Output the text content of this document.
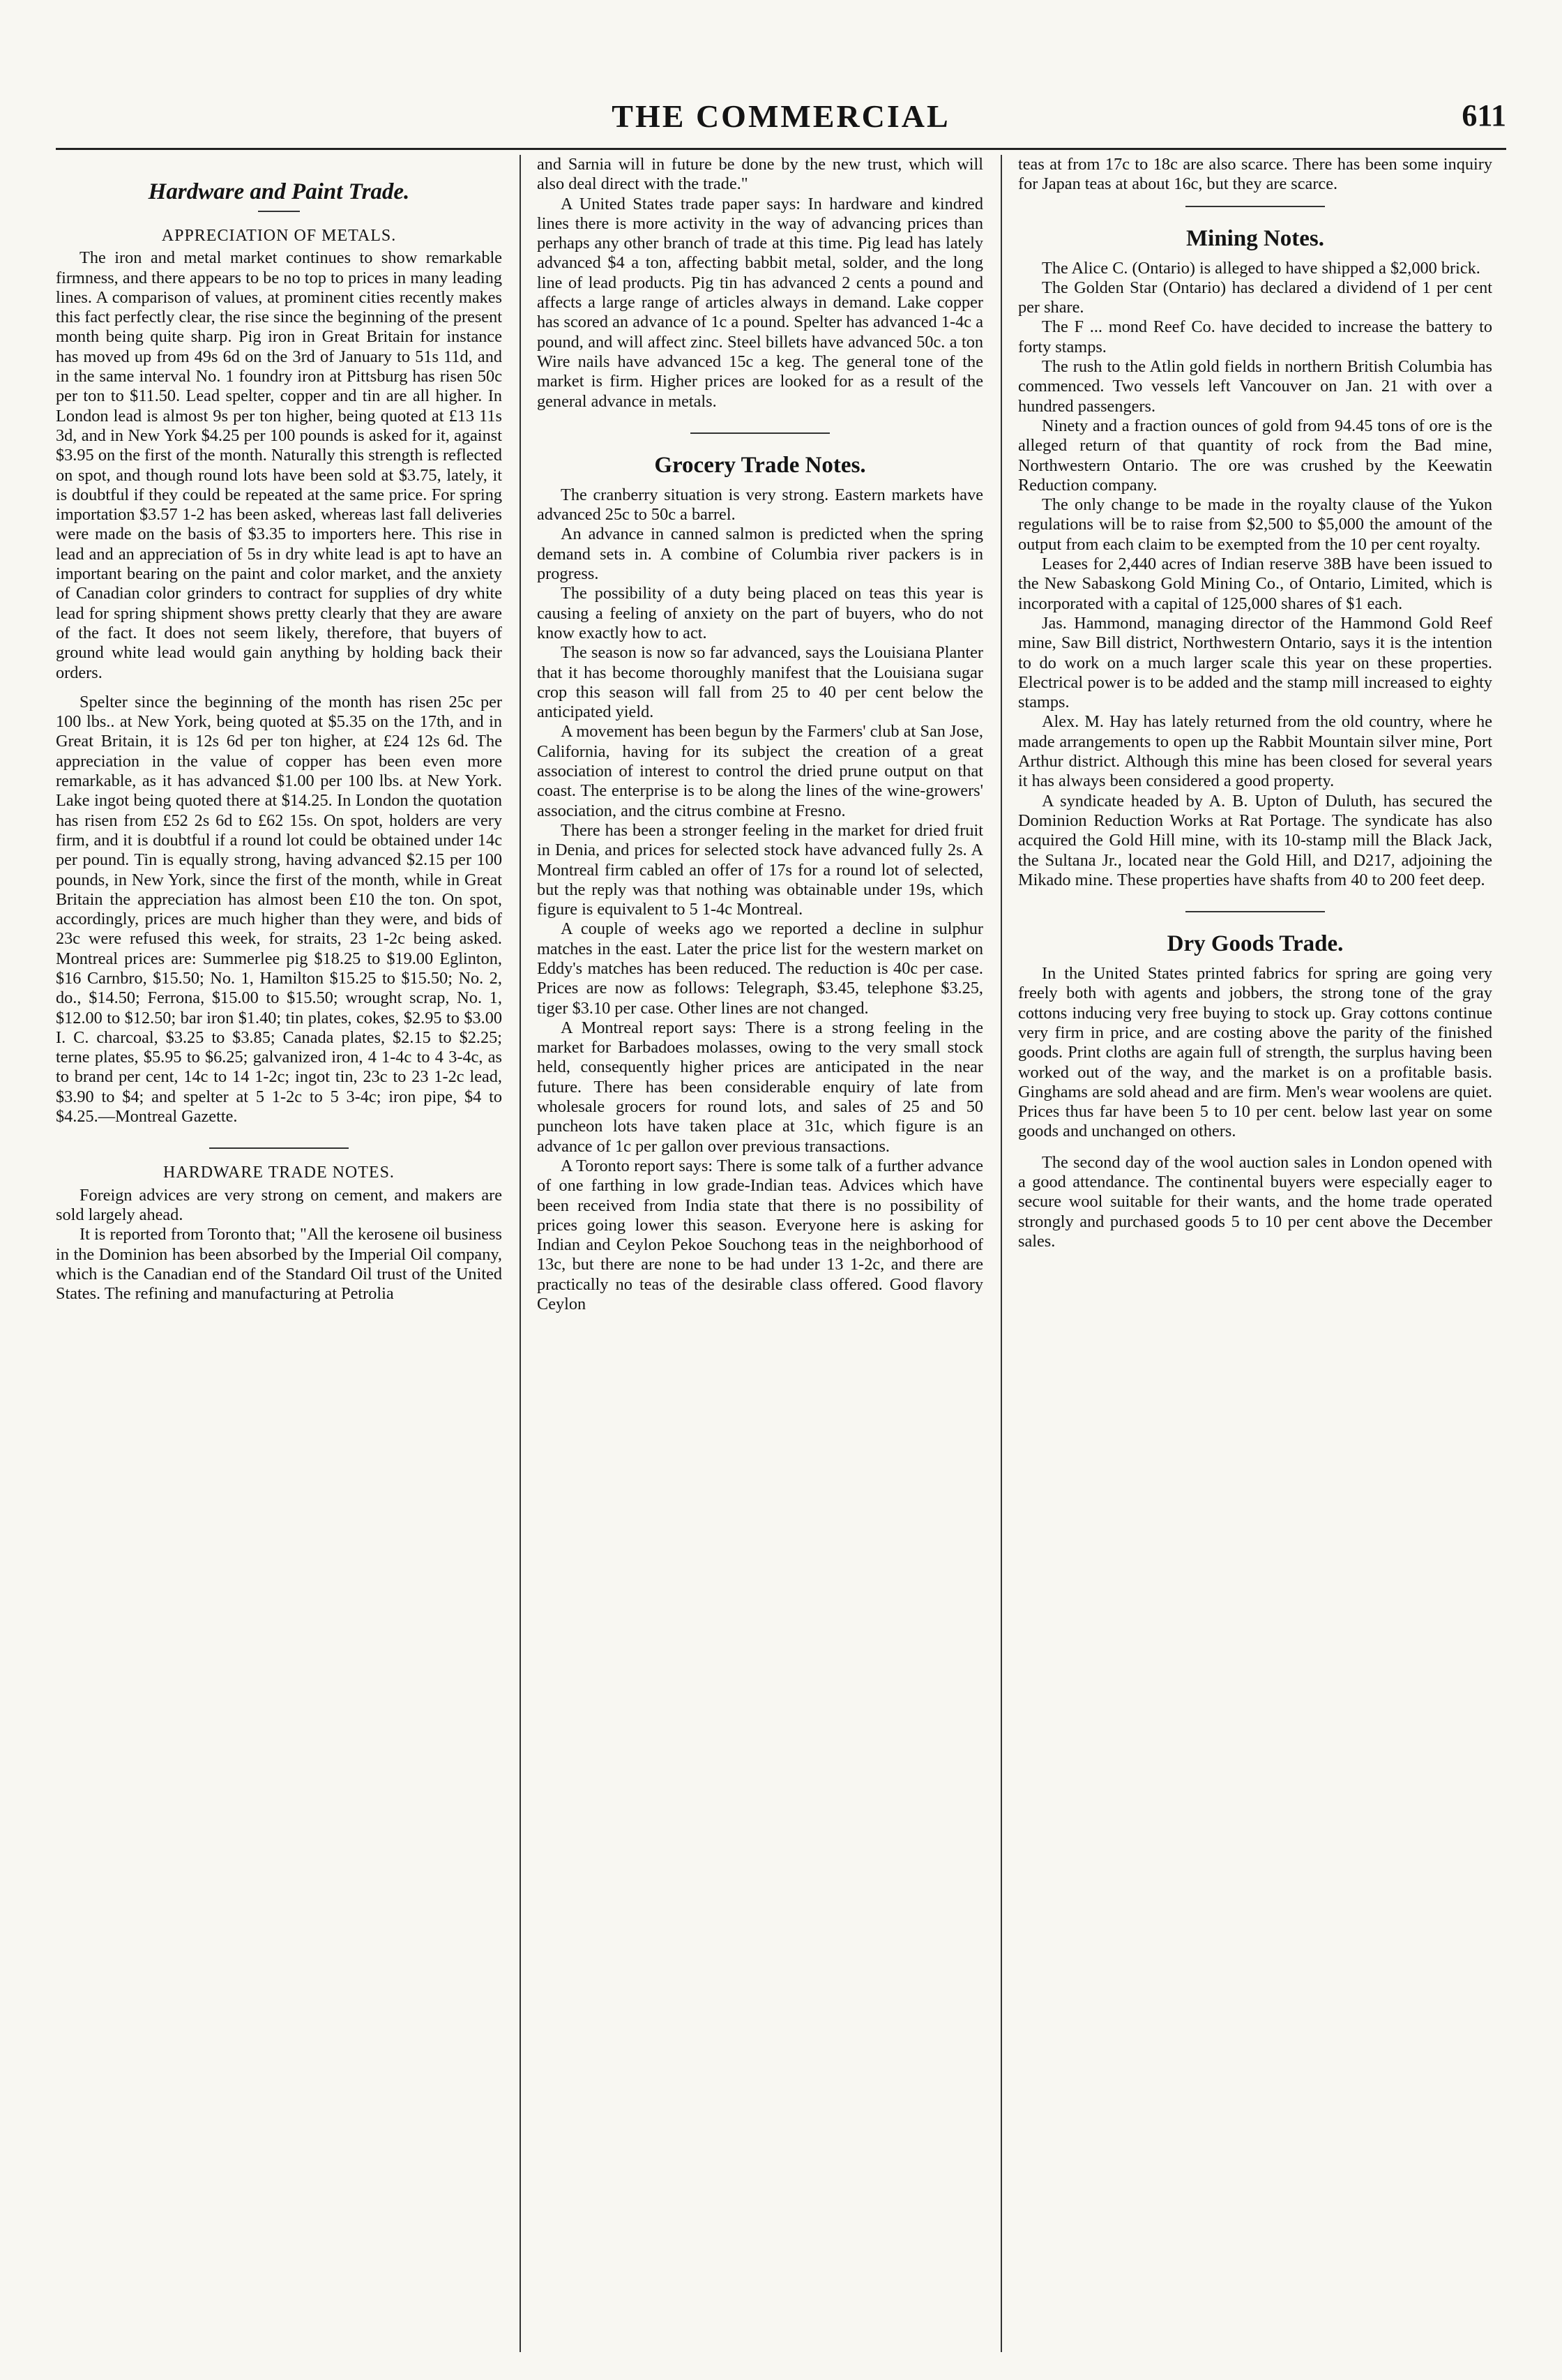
THE COMMERCIAL	611
Hardware and Paint Trade.
APPRECIATION OF METALS.

The iron and metal market continues to show remarkable firmness, and there appears to be no top to prices in many leading lines. A comparison of values, at prominent cities recently makes this fact perfectly clear, the rise since the beginning of the present month being quite sharp. Pig iron in Great Britain for instance has moved up from 49s 6d on the 3rd of January to 51s 11d, and in the same interval No. 1 foundry iron at Pittsburg has risen 50c per ton to $11.50. Lead spelter, copper and tin are all higher. In London lead is almost 9s per ton higher, being quoted at £13 11s 3d, and in New York $4.25 per 100 pounds is asked for it, against $3.95 on the first of the month. Naturally this strength is reflected on spot, and though round lots have been sold at $3.75, lately, it is doubtful if they could be repeated at the same price. For spring importation $3.57 1-2 has been asked, whereas last fall deliveries were made on the basis of $3.35 to importers here. This rise in lead and an appreciation of 5s in dry white lead is apt to have an important bearing on the paint and color market, and the anxiety of Canadian color grinders to contract for supplies of dry white lead for spring shipment shows pretty clearly that they are aware of the fact. It does not seem likely, therefore, that buyers of ground white lead would gain anything by holding back their orders.

Spelter since the beginning of the month has risen 25c per 100 lbs.. at New York, being quoted at $5.35 on the 17th, and in Great Britain, it is 12s 6d per ton higher, at £24 12s 6d. The appreciation in the value of copper has been even more remarkable, as it has advanced $1.00 per 100 lbs. at New York. Lake ingot being quoted there at $14.25. In London the quotation has risen from £52 2s 6d to £62 15s. On spot, holders are very firm, and it is doubtful if a round lot could be obtained under 14c per pound. Tin is equally strong, having advanced $2.15 per 100 pounds, in New York, since the first of the month, while in Great Britain the appreciation has almost been £10 the ton. On spot, accordingly, prices are much higher than they were, and bids of 23c were refused this week, for straits, 23 1-2c being asked. Montreal prices are: Summerlee pig $18.25 to $19.00 Eglinton, $16 Carnbro, $15.50; No. 1, Hamilton $15.25 to $15.50; No. 2, do., $14.50; Ferrona, $15.00 to $15.50; wrought scrap, No. 1, $12.00 to $12.50; bar iron $1.40; tin plates, cokes, $2.95 to $3.00 I. C. charcoal, $3.25 to $3.85; Canada plates, $2.15 to $2.25; terne plates, $5.95 to $6.25; galvanized iron, 4 1-4c to 4 3-4c, as to brand per cent, 14c to 14 1-2c; ingot tin, 23c to 23 1-2c lead, $3.90 to $4; and spelter at 5 1-2c to 5 3-4c; iron pipe, $4 to $4.25.—Montreal Gazette.

HARDWARE TRADE NOTES.

Foreign advices are very strong on cement, and makers are sold largely ahead.

It is reported from Toronto that; "All the kerosene oil business in the Dominion has been absorbed by the Imperial Oil company, which is the Canadian end of the Standard Oil trust of the United States. The refining and manufacturing at Petrolia

and Sarnia will in future be done by the new trust, which will also deal direct with the trade."

A United States trade paper says: In hardware and kindred lines there is more activity in the way of advancing prices than perhaps any other branch of trade at this time. Pig lead has lately advanced $4 a ton, affecting babbit metal, solder, and the long line of lead products. Pig tin has advanced 2 cents a pound and affects a large range of articles always in demand. Lake copper has scored an advance of 1c a pound. Spelter has advanced 1-4c a pound, and will affect zinc. Steel billets have advanced 50c. a ton Wire nails have advanced 15c a keg. The general tone of the market is firm. Higher prices are looked for as a result of the general advance in metals.

Grocery Trade Notes.

The cranberry situation is very strong. Eastern markets have advanced 25c to 50c a barrel.

An advance in canned salmon is predicted when the spring demand sets in. A combine of Columbia river packers is in progress.

The possibility of a duty being placed on teas this year is causing a feeling of anxiety on the part of buyers, who do not know exactly how to act.

The season is now so far advanced, says the Louisiana Planter that it has become thoroughly manifest that the Louisiana sugar crop this season will fall from 25 to 40 per cent below the anticipated yield.

A movement has been begun by the Farmers' club at San Jose, California, having for its subject the creation of a great association of interest to control the dried prune output on that coast. The enterprise is to be along the lines of the wine-growers' association, and the citrus combine at Fresno.

There has been a stronger feeling in the market for dried fruit in Denia, and prices for selected stock have advanced fully 2s. A Montreal firm cabled an offer of 17s for a round lot of selected, but the reply was that nothing was obtainable under 19s, which figure is equivalent to 5 1-4c Montreal.

A couple of weeks ago we reported a decline in sulphur matches in the east. Later the price list for the western market on Eddy's matches has been reduced. The reduction is 40c per case. Prices are now as follows: Telegraph, $3.45, telephone $3.25, tiger $3.10 per case. Other lines are not changed.

A Montreal report says: There is a strong feeling in the market for Barbadoes molasses, owing to the very small stock held, consequently higher prices are anticipated in the near future. There has been considerable enquiry of late from wholesale grocers for round lots, and sales of 25 and 50 puncheon lots have taken place at 31c, which figure is an advance of 1c per gallon over previous transactions.

A Toronto report says: There is some talk of a further advance of one farthing in low grade-Indian teas. Advices which have been received from India state that there is no possibility of prices going lower this season. Everyone here is asking for Indian and Ceylon Pekoe Souchong teas in the neighborhood of 13c, but there are none to be had under 13 1-2c, and there are practically no teas of the desirable class offered. Good flavory Ceylon

teas at from 17c to 18c are also scarce. There has been some inquiry for Japan teas at about 16c, but they are scarce.

Mining Notes.

The Alice C. (Ontario) is alleged to have shipped a $2,000 brick.

The Golden Star (Ontario) has declared a dividend of 1 per cent per share.

The F ... mond Reef Co. have decided to increase the battery to forty stamps.

The rush to the Atlin gold fields in northern British Columbia has commenced. Two vessels left Vancouver on Jan. 21 with over a hundred passengers.

Ninety and a fraction ounces of gold from 94.45 tons of ore is the alleged return of that quantity of rock from the Bad mine, Northwestern Ontario. The ore was crushed by the Keewatin Reduction company.

The only change to be made in the royalty clause of the Yukon regulations will be to raise from $2,500 to $5,000 the amount of the output from each claim to be exempted from the 10 per cent royalty.

Leases for 2,440 acres of Indian reserve 38B have been issued to the New Sabaskong Gold Mining Co., of Ontario, Limited, which is incorporated with a capital of 125,000 shares of $1 each.

Jas. Hammond, managing director of the Hammond Gold Reef mine, Saw Bill district, Northwestern Ontario, says it is the intention to do work on a much larger scale this year on these properties. Electrical power is to be added and the stamp mill increased to eighty stamps.

Alex. M. Hay has lately returned from the old country, where he made arrangements to open up the Rabbit Mountain silver mine, Port Arthur district. Although this mine has been closed for several years it has always been considered a good property.

A syndicate headed by A. B. Upton of Duluth, has secured the Dominion Reduction Works at Rat Portage. The syndicate has also acquired the Gold Hill mine, with its 10-stamp mill the Black Jack, the Sultana Jr., located near the Gold Hill, and D217, adjoining the Mikado mine. These properties have shafts from 40 to 200 feet deep.

Dry Goods Trade.

In the United States printed fabrics for spring are going very freely both with agents and jobbers, the strong tone of the gray cottons inducing very free buying to stock up. Gray cottons continue very firm in price, and are costing above the parity of the finished goods. Print cloths are again full of strength, the surplus having been worked out of the way, and the market is on a profitable basis. Ginghams are sold ahead and are firm. Men's wear woolens are quiet. Prices thus far have been 5 to 10 per cent. below last year on some goods and unchanged on others.

The second day of the wool auction sales in London opened with a good attendance. The continental buyers were especially eager to secure wool suitable for their wants, and the home trade operated strongly and purchased goods 5 to 10 per cent above the December sales.
